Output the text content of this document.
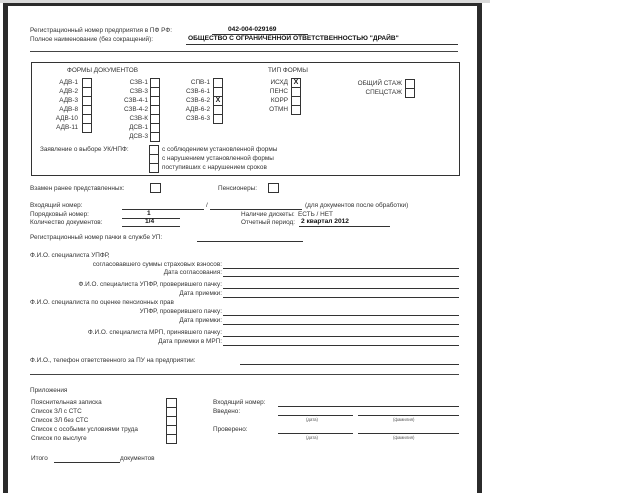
Регистрационный номер предприятия в ПФ РФ:	042-004-029169
Полное наименование (без сокращений):	ОБЩЕСТВО С ОГРАНИЧЕННОЙ ОТВЕТСТВЕННОСТЬЮ "ДРАЙВ"
ФОРМЫ ДОКУМЕНТОВ
АДВ-1
АДВ-2
АДВ-3
АДВ-8
АДВ-10
АДВ-11
СЗВ-1
СЗВ-3
СЗВ-4-1
СЗВ-4-2
СЗВ-К
ДСВ-1
ДСВ-3
СПВ-1
СЗВ-6-1
СЗВ-6-2 X
АДВ-6-2
СЗВ-6-3
ТИП ФОРМЫ
ИСХД X
ПЕНС
КОРР
ОТМН
ОБЩИЙ СТАЖ
СПЕЦСТАЖ
Заявление о выборе УК/НПФ:	с соблюдением установленной формы
с нарушением установленной формы
поступивших с нарушением сроков
Взамен ранее представленных:	Пенсионеры:
Входящий номер:	/	(для документов после обработки)
Порядковый номер:	1	Наличие дискеты: ЕСТЬ / НЕТ
Количество документов:	1/4	Отчетный период: 2 квартал 2012
Регистрационный номер пачки в службе УП:
Ф.И.О. специалиста УПФР,
согласовавшего суммы страховых взносов:
Дата согласования:
Ф.И.О. специалиста УПФР, проверившего пачку:
Дата приемки:
Ф.И.О. специалиста по оценке пенсионных прав
УПФР, проверившего пачку:
Дата приемки:
Ф.И.О. специалиста МРП, принявшего пачку:
Дата приемки в МРП:
Ф.И.О., телефон ответственного за ПУ на предприятии:
Приложения
Пояснительная записка
Список ЗЛ с СТС
Список ЗЛ без СТС
Список с особыми условиями труда
Список по выслуге
Входящий номер:
Введено:
(дата)	(фамилия)
Проверено:
(дата)	(фамилия)
Итого	документов
